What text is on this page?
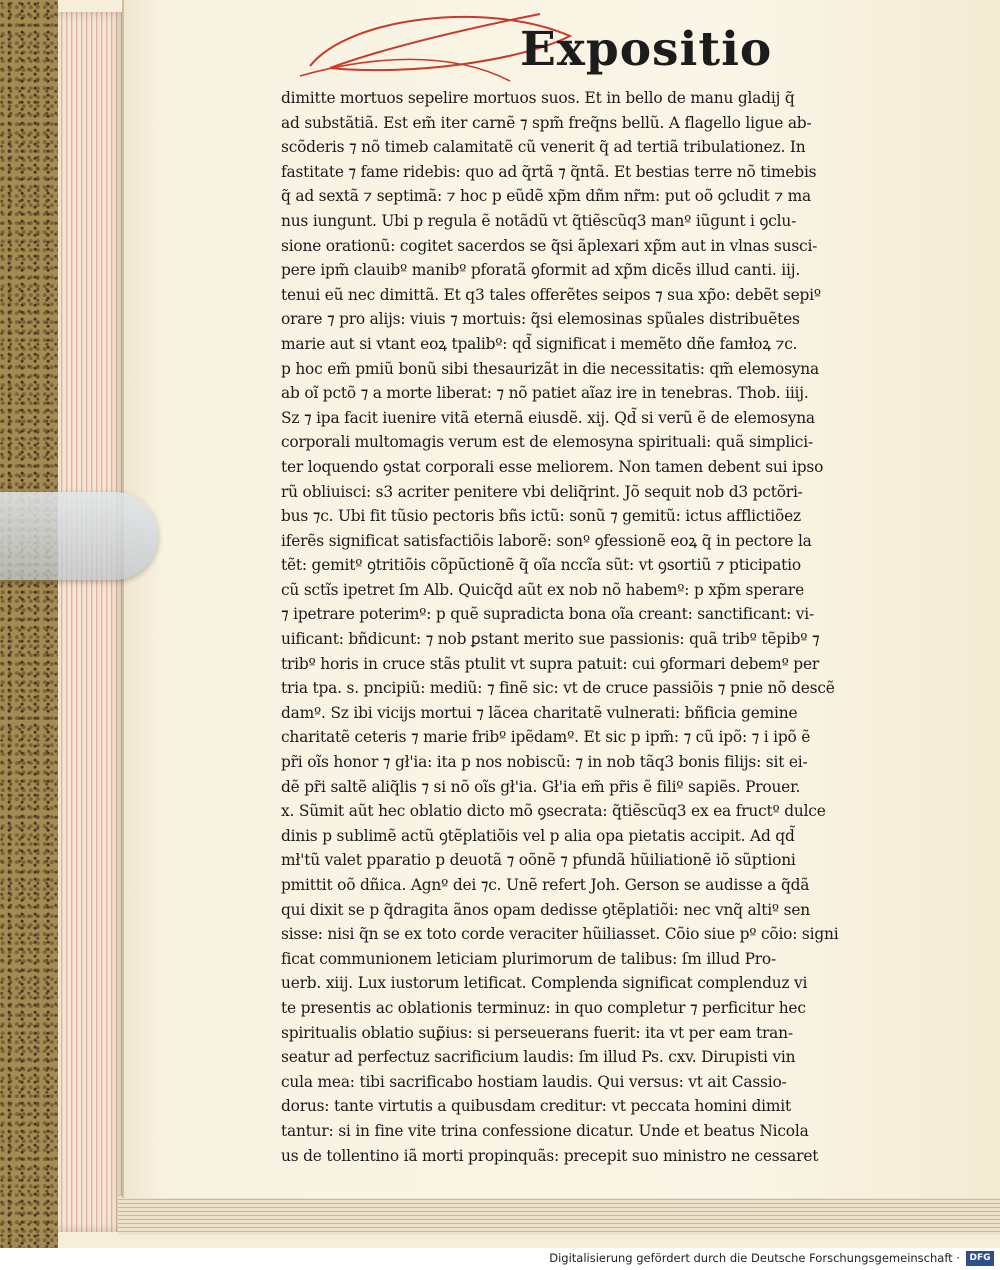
Expositio
dimitte mortuos sepelire mortuos suos. Et in bello de manu gladij q̃
ad substãtiã. Est em̃ iter carnẽ ⁊ spm̃ freq̃ns bellũ. A flagello ligue ab-
scõderis ⁊ nõ timeb calamitatẽ cũ venerit q̃ ad tertiã tribulationez. In
fastitate ⁊ fame ridebis: quo ad q̃rtã ⁊ q̃ntã. Et bestias terre nõ timebis
q̃ ad sextã ⁊ septimã: ⁊ hoc p eũdẽ xp̃m dñm nr̃m: put oõ ꝯcludit ⁊ ma
nus iungunt. Ubi p regula ẽ notãdũ vt q̃tiẽscũq3 manº iũgunt i ꝯclu-
sione orationũ: cogitet sacerdos se q̃si ãplexari xp̃m aut in vlnas susci-
pere ipm̃ clauibº manibº pforatã ꝯformit ad xp̃m dicẽs illud canti. iij.
tenui eũ nec dimittã. Et q3 tales offerẽtes seipos ⁊ sua xp̃o: debẽt sepiº
orare ⁊ pro alijs: viuis ⁊ mortuis: q̃si elemosinas spũales distribuẽtes
marie aut si vtant eoꝝ tpalibº: qd̃ significat i memẽto dñe famłoꝝ ⁊c.
p hoc em̃ pmiũ bonũ sibi thesaurizãt in die necessitatis: qm̃ elemosyna
ab oĩ pctõ ⁊ a morte liberat: ⁊ nõ patiet aĩaz ire in tenebras. Thob. iiij.
Sz ⁊ ipa facit iuenire vitã eternã eiusdẽ. xij. Qd̃ si verũ ẽ de elemosyna
corporali multomagis verum est de elemosyna spirituali: quã simplici-
ter loquendo ꝯstat corporali esse meliorem. Non tamen debent sui ipso
rũ obliuisci: s3 acriter penitere vbi deliq̃rint. Jõ sequit nob d3 pctõri-
bus ⁊c. Ubi fit tũsio pectoris bñs ictũ: sonũ ⁊ gemitũ: ictus afflictiõez
iferẽs significat satisfactiõis laborẽ: sonº ꝯfessionẽ eoꝝ q̃ in pectore la
tẽt: gemitº ꝯtritiõis cõpũctionẽ q̃ oĩa nccĩa sũt: vt ꝯsortiũ ⁊ pticipatio
cũ sctĩs ipetret ſm Alb. Quicq̃d aũt ex nob nõ habemº: p xp̃m sperare
⁊ ipetrare poterimº: p quẽ supradicta bona oĩa creant: sanctificant: vi-
uificant: bñdicunt: ⁊ nob ꝑstant merito sue passionis: quã tribº tẽpibº ⁊
tribº horis in cruce stãs ptulit vt supra patuit: cui ꝯformari debemº per
tria tpa. s. pncipiũ: mediũ: ⁊ finẽ sic: vt de cruce passiõis ⁊ pnie nõ descẽ
damº. Sz ibi vicijs mortui ⁊ lãcea charitatẽ vulnerati: bñficia gemine
charitatẽ ceteris ⁊ marie fribº ipẽdamº. Et sic p ipm̃: ⁊ cũ ipõ: ⁊ i ipõ ẽ
pr̃i oĩs honor ⁊ gł'ia: ita p nos nobiscũ: ⁊ in nob tãq3 bonis filijs: sit ei-
dẽ pr̃i saltẽ aliq̃lis ⁊ si nõ oĩs gł'ia. Gł'ia em̃ pr̃is ẽ filiº sapiẽs. Prouer.
x. Sũmit aũt hec oblatio dicto mõ ꝯsecrata: q̃tiẽscũq3 ex ea fructº dulce
dinis p sublimẽ actũ ꝯtẽplatiõis vel p alia opa pietatis accipit. Ad qd̃
mł'tũ valet pparatio p deuotã ⁊ oõnẽ ⁊ pfundã hũiliationẽ iõ sũptioni
pmittit oõ dñica. Agnº dei ⁊c. Unẽ refert Joh. Gerson se audisse a q̃dã
qui dixit se p q̃dragita ãnos opam dedisse ꝯtẽplatiõi: nec vnq̃ altiº sen
sisse: nisi q̃n se ex toto corde veraciter hũiliasset. Cõio siue pº cõio: signi
ficat communionem leticiam plurimorum de talibus: ſm illud Pro-
uerb. xiij. Lux iustorum letificat. Complenda significat complenduz vi
te presentis ac oblationis terminuz: in quo completur ⁊ perficitur hec
spiritualis oblatio suꝑ̃ius: si perseuerans fuerit: ita vt per eam tran-
seatur ad perfectuz sacrificium laudis: ſm illud Ps. cxv. Dirupisti vin
cula mea: tibi sacrificabo hostiam laudis. Qui versus: vt ait Cassio-
dorus: tante virtutis a quibusdam creditur: vt peccata homini dimit
tantur: si in fine vite trina confessione dicatur. Unde et beatus Nicola
us de tollentino iã morti propinquãs: precepit suo ministro ne cessaret
Digitalisierung gefördert durch die Deutsche Forschungsgemeinschaft ·	DFG
